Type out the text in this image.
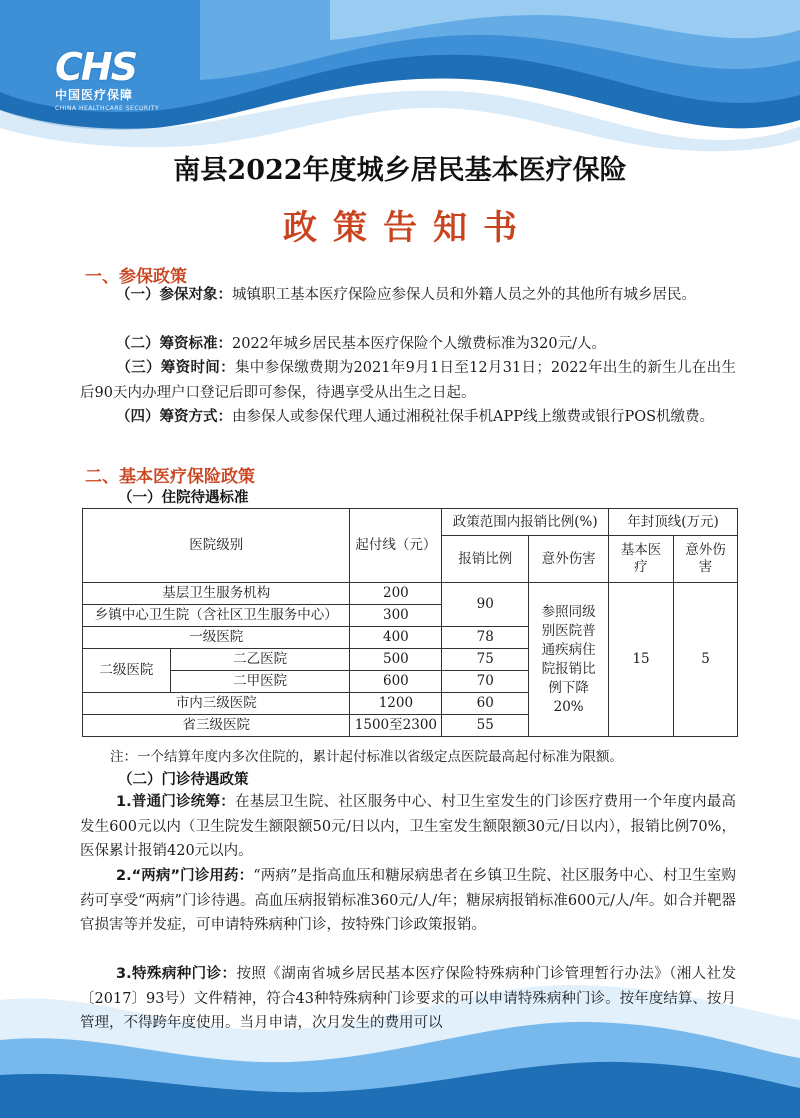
CHS
中国医疗保障
CHINA HEALTHCARE SECURITY
南县2022年度城乡居民基本医疗保险
政策告知书
一、参保政策
（一）参保对象：城镇职工基本医疗保险应参保人员和外籍人员之外的其他所有城乡居民。
（二）筹资标准：2022年城乡居民基本医疗保险个人缴费标准为320元/人。
（三）筹资时间：集中参保缴费期为2021年9月1日至12月31日；2022年出生的新生儿在出生后90天内办理户口登记后即可参保，待遇享受从出生之日起。
（四）筹资方式：由参保人或参保代理人通过湘税社保手机APP线上缴费或银行POS机缴费。
二、基本医疗保险政策
（一）住院待遇标准
医院级别		起付线（元）	政策范围内报销比例(%)		年封顶线(万元)	
			报销比例	意外伤害	基本医疗	意外伤害
基层卫生服务机构		200	90	参照同级别医院普通疾病住院报销比例下降20%	15	5
乡镇中心卫生院（含社区卫生服务中心）		300				
一级医院		400	78			
二级医院	二乙医院	500	75			
	二甲医院	600	70			
市内三级医院		1200	60			
省三级医院		1500至2300	55			
注：一个结算年度内多次住院的，累计起付标准以省级定点医院最高起付标准为限额。
（二）门诊待遇政策
1.普通门诊统筹：在基层卫生院、社区服务中心、村卫生室发生的门诊医疗费用一个年度内最高发生600元以内（卫生院发生额限额50元/日以内，卫生室发生额限额30元/日以内），报销比例70%，医保累计报销420元以内。
2.“两病”门诊用药：“两病”是指高血压和糖尿病患者在乡镇卫生院、社区服务中心、村卫生室购药可享受“两病”门诊待遇。高血压病报销标准360元/人/年；糖尿病报销标准600元/人/年。如合并靶器官损害等并发症，可申请特殊病种门诊，按特殊门诊政策报销。
3.特殊病种门诊：按照《湖南省城乡居民基本医疗保险特殊病种门诊管理暂行办法》（湘人社发〔2017〕93号）文件精神，符合43种特殊病种门诊要求的可以申请特殊病种门诊。按年度结算、按月管理，不得跨年度使用。当月申请，次月发生的费用可以
